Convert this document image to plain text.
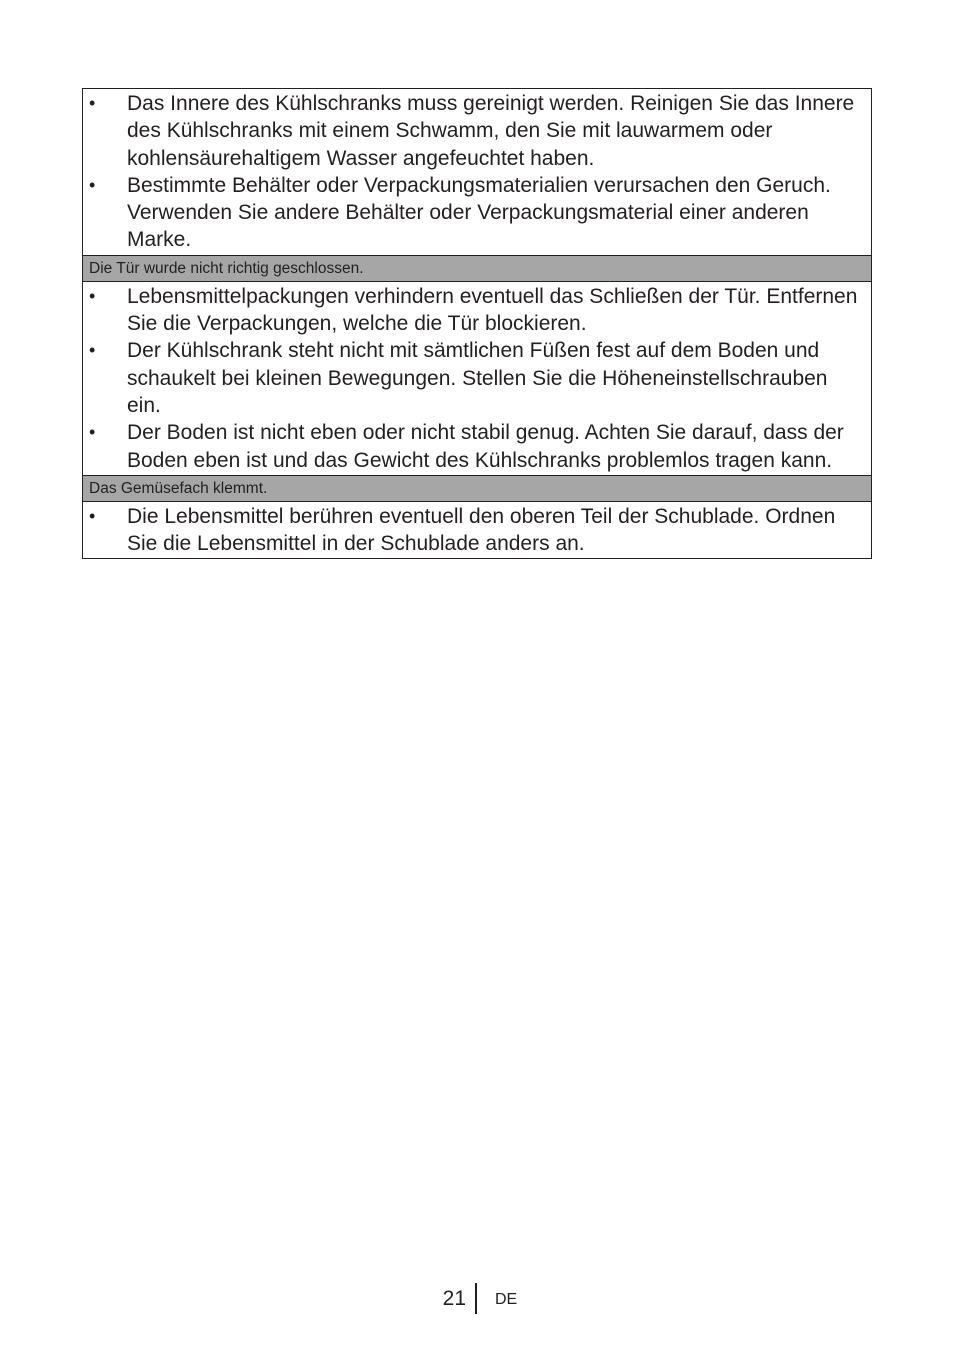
•	Das Innere des Kühlschranks muss gereinigt werden. Reinigen Sie das Innere des Kühlschranks mit einem Schwamm, den Sie mit lauwarmem oder kohlensäurehaltigem Wasser angefeuchtet haben.
•	Bestimmte Behälter oder Verpackungsmaterialien verursachen den Geruch. Verwenden Sie andere Behälter oder Verpackungsmaterial einer anderen Marke.
Die Tür wurde nicht richtig geschlossen.
•	Lebensmittelpackungen verhindern eventuell das Schließen der Tür. Entfernen Sie die Verpackungen, welche die Tür blockieren.
•	Der Kühlschrank steht nicht mit sämtlichen Füßen fest auf dem Boden und schaukelt bei kleinen Bewegungen. Stellen Sie die Höheneinstellschrauben ein.
•	Der Boden ist nicht eben oder nicht stabil genug. Achten Sie darauf, dass der Boden eben ist und das Gewicht des Kühlschranks problemlos tragen kann.
Das Gemüsefach klemmt.
•	Die Lebensmittel berühren eventuell den oberen Teil der Schublade. Ordnen Sie die Lebensmittel in der Schublade anders an.
21 DE
